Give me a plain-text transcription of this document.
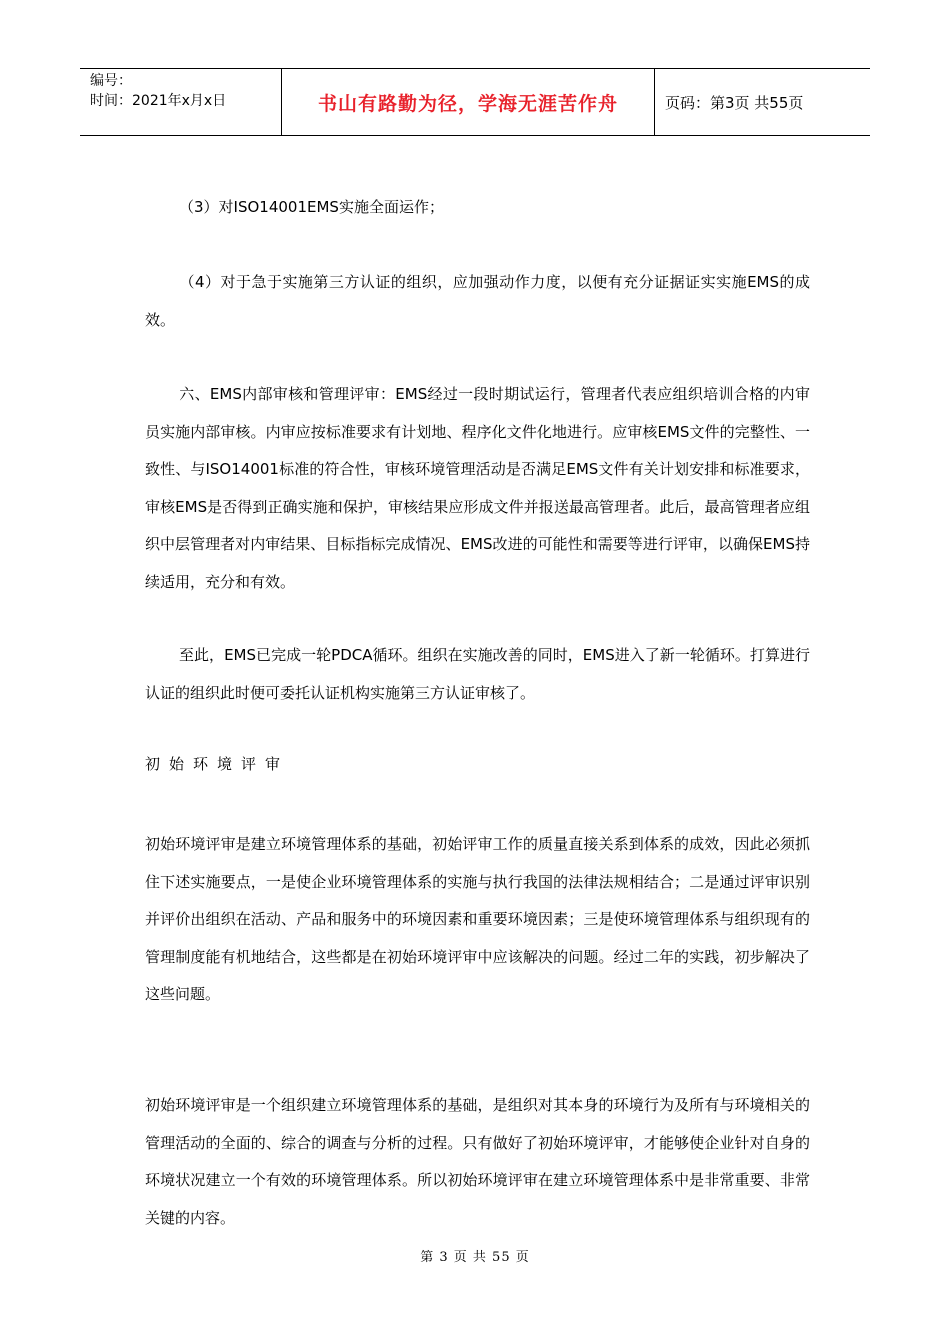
编号：
时间：2021年x月x日	书山有路勤为径，学海无涯苦作舟	页码：第3页 共55页
（3）对ISO14001EMS实施全面运作；
（4）对于急于实施第三方认证的组织，应加强动作力度，以便有充分证据证实实施EMS的成效。
六、EMS内部审核和管理评审：EMS经过一段时期试运行，管理者代表应组织培训合格的内审员实施内部审核。内审应按标准要求有计划地、程序化文件化地进行。应审核EMS文件的完整性、一致性、与ISO14001标准的符合性，审核环境管理活动是否满足EMS文件有关计划安排和标准要求，审核EMS是否得到正确实施和保护，审核结果应形成文件并报送最高管理者。此后，最高管理者应组织中层管理者对内审结果、目标指标完成情况、EMS改进的可能性和需要等进行评审，以确保EMS持续适用，充分和有效。
至此，EMS已完成一轮PDCA循环。组织在实施改善的同时，EMS进入了新一轮循环。打算进行认证的组织此时便可委托认证机构实施第三方认证审核了。
初始环境评审
初始环境评审是建立环境管理体系的基础，初始评审工作的质量直接关系到体系的成效，因此必须抓住下述实施要点，一是使企业环境管理体系的实施与执行我国的法律法规相结合；二是通过评审识别并评价出组织在活动、产品和服务中的环境因素和重要环境因素；三是使环境管理体系与组织现有的管理制度能有机地结合，这些都是在初始环境评审中应该解决的问题。经过二年的实践，初步解决了这些问题。
初始环境评审是一个组织建立环境管理体系的基础，是组织对其本身的环境行为及所有与环境相关的管理活动的全面的、综合的调查与分析的过程。只有做好了初始环境评审，才能够使企业针对自身的环境状况建立一个有效的环境管理体系。所以初始环境评审在建立环境管理体系中是非常重要、非常关键的内容。
第 3 页 共 55 页
